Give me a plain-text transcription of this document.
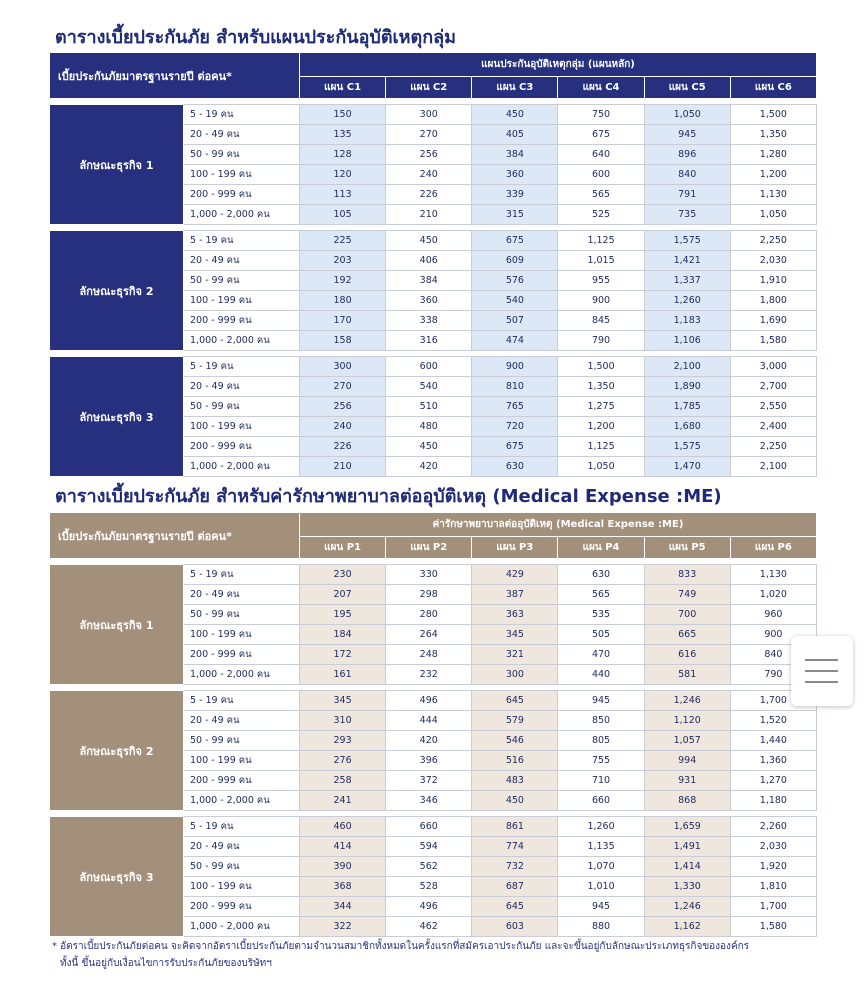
ตารางเบี้ยประกันภัย สำหรับแผนประกันอุบัติเหตุกลุ่ม
เบี้ยประกันภัยมาตรฐานรายปี ต่อคน*		แผนประกันอุบัติเหตุกลุ่ม (แผนหลัก)					
		แผน C1	แผน C2	แผน C3	แผน C4	แผน C5	แผน C6

ลักษณะธุรกิจ 1	5 - 19 คน	150	300	450	750	1,050	1,500
	20 - 49 คน	135	270	405	675	945	1,350
	50 - 99 คน	128	256	384	640	896	1,280
	100 - 199 คน	120	240	360	600	840	1,200
	200 - 999 คน	113	226	339	565	791	1,130
	1,000 - 2,000 คน	105	210	315	525	735	1,050

ลักษณะธุรกิจ 2	5 - 19 คน	225	450	675	1,125	1,575	2,250
	20 - 49 คน	203	406	609	1,015	1,421	2,030
	50 - 99 คน	192	384	576	955	1,337	1,910
	100 - 199 คน	180	360	540	900	1,260	1,800
	200 - 999 คน	170	338	507	845	1,183	1,690
	1,000 - 2,000 คน	158	316	474	790	1,106	1,580

ลักษณะธุรกิจ 3	5 - 19 คน	300	600	900	1,500	2,100	3,000
	20 - 49 คน	270	540	810	1,350	1,890	2,700
	50 - 99 คน	256	510	765	1,275	1,785	2,550
	100 - 199 คน	240	480	720	1,200	1,680	2,400
	200 - 999 คน	226	450	675	1,125	1,575	2,250
	1,000 - 2,000 คน	210	420	630	1,050	1,470	2,100
ตารางเบี้ยประกันภัย สำหรับค่ารักษาพยาบาลต่ออุบัติเหตุ (Medical Expense :ME)
เบี้ยประกันภัยมาตรฐานรายปี ต่อคน*		ค่ารักษาพยาบาลต่ออุบัติเหตุ (Medical Expense :ME)					
		แผน P1	แผน P2	แผน P3	แผน P4	แผน P5	แผน P6

ลักษณะธุรกิจ 1	5 - 19 คน	230	330	429	630	833	1,130
	20 - 49 คน	207	298	387	565	749	1,020
	50 - 99 คน	195	280	363	535	700	960
	100 - 199 คน	184	264	345	505	665	900
	200 - 999 คน	172	248	321	470	616	840
	1,000 - 2,000 คน	161	232	300	440	581	790

ลักษณะธุรกิจ 2	5 - 19 คน	345	496	645	945	1,246	1,700
	20 - 49 คน	310	444	579	850	1,120	1,520
	50 - 99 คน	293	420	546	805	1,057	1,440
	100 - 199 คน	276	396	516	755	994	1,360
	200 - 999 คน	258	372	483	710	931	1,270
	1,000 - 2,000 คน	241	346	450	660	868	1,180

ลักษณะธุรกิจ 3	5 - 19 คน	460	660	861	1,260	1,659	2,260
	20 - 49 คน	414	594	774	1,135	1,491	2,030
	50 - 99 คน	390	562	732	1,070	1,414	1,920
	100 - 199 คน	368	528	687	1,010	1,330	1,810
	200 - 999 คน	344	496	645	945	1,246	1,700
	1,000 - 2,000 คน	322	462	603	880	1,162	1,580
* อัตราเบี้ยประกันภัยต่อคน จะคิดจากอัตราเบี้ยประกันภัยตามจำนวนสมาชิกทั้งหมดในครั้งแรกที่สมัครเอาประกันภัย และจะขึ้นอยู่กับลักษณะประเภทธุรกิจขององค์กร
ทั้งนี้ ขึ้นอยู่กับเงื่อนไขการรับประกันภัยของบริษัทฯ
